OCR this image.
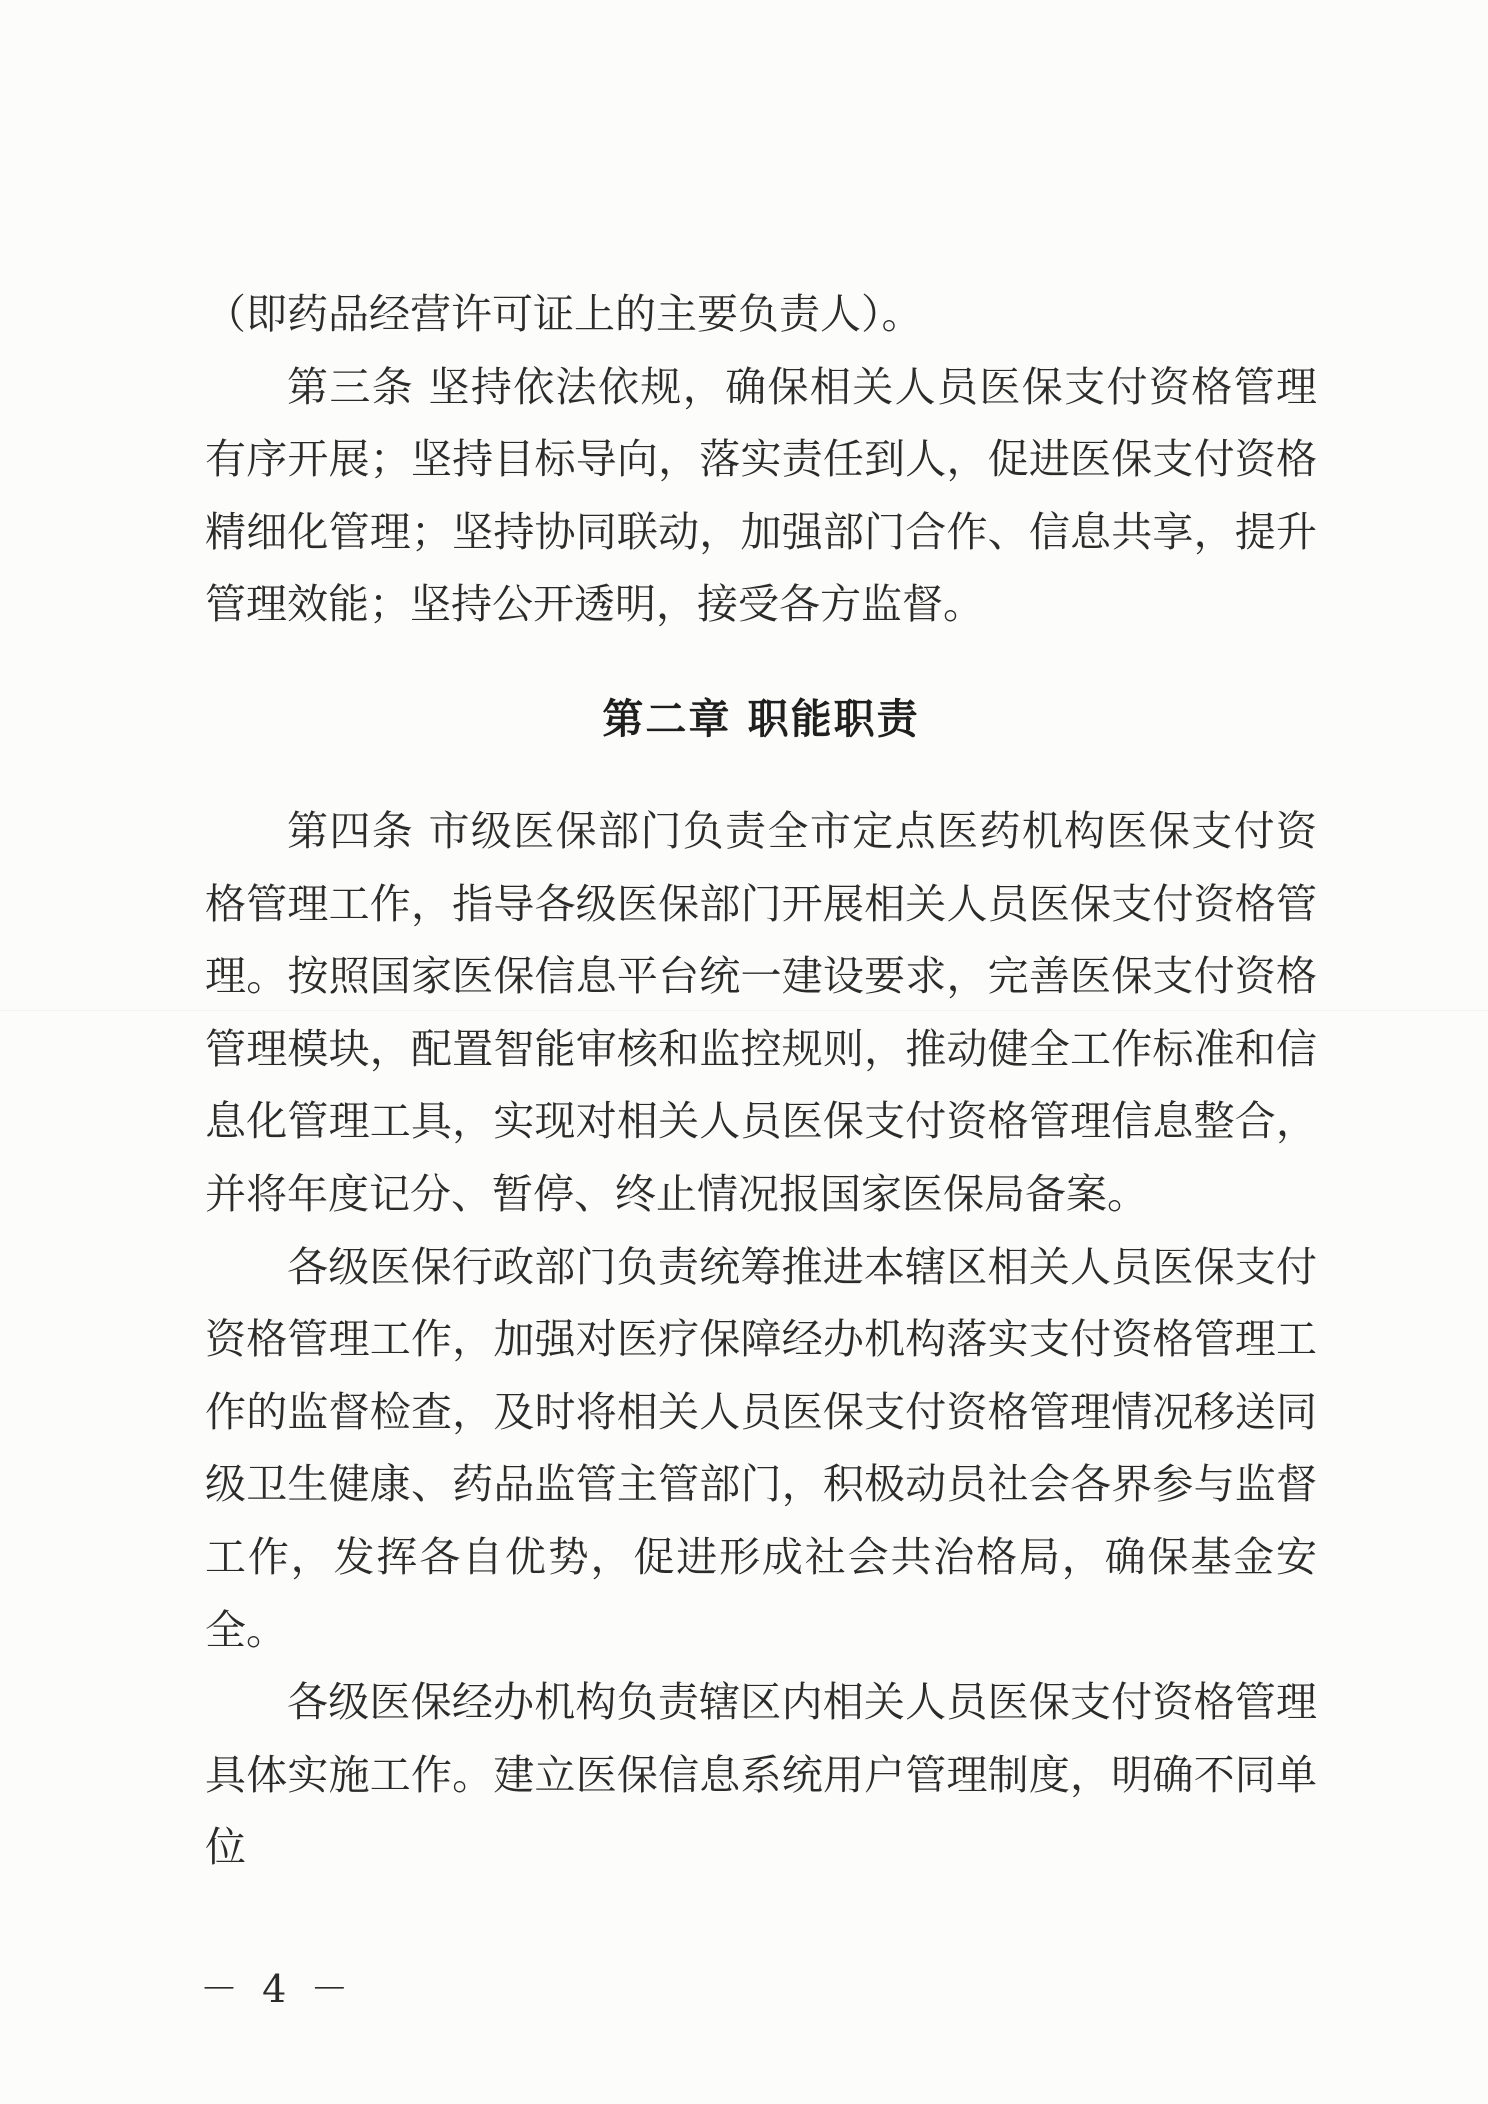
（即药品经营许可证上的主要负责人）。

第三条 坚持依法依规，确保相关人员医保支付资格管理有序开展；坚持目标导向，落实责任到人，促进医保支付资格精细化管理；坚持协同联动，加强部门合作、信息共享，提升管理效能；坚持公开透明，接受各方监督。

第二章 职能职责

第四条 市级医保部门负责全市定点医药机构医保支付资格管理工作，指导各级医保部门开展相关人员医保支付资格管理。按照国家医保信息平台统一建设要求，完善医保支付资格管理模块，配置智能审核和监控规则，推动健全工作标准和信息化管理工具，实现对相关人员医保支付资格管理信息整合，并将年度记分、暂停、终止情况报国家医保局备案。

各级医保行政部门负责统筹推进本辖区相关人员医保支付资格管理工作，加强对医疗保障经办机构落实支付资格管理工作的监督检查，及时将相关人员医保支付资格管理情况移送同级卫生健康、药品监管主管部门，积极动员社会各界参与监督工作，发挥各自优势，促进形成社会共治格局，确保基金安全。

各级医保经办机构负责辖区内相关人员医保支付资格管理具体实施工作。建立医保信息系统用户管理制度，明确不同单位

－ 4 －
